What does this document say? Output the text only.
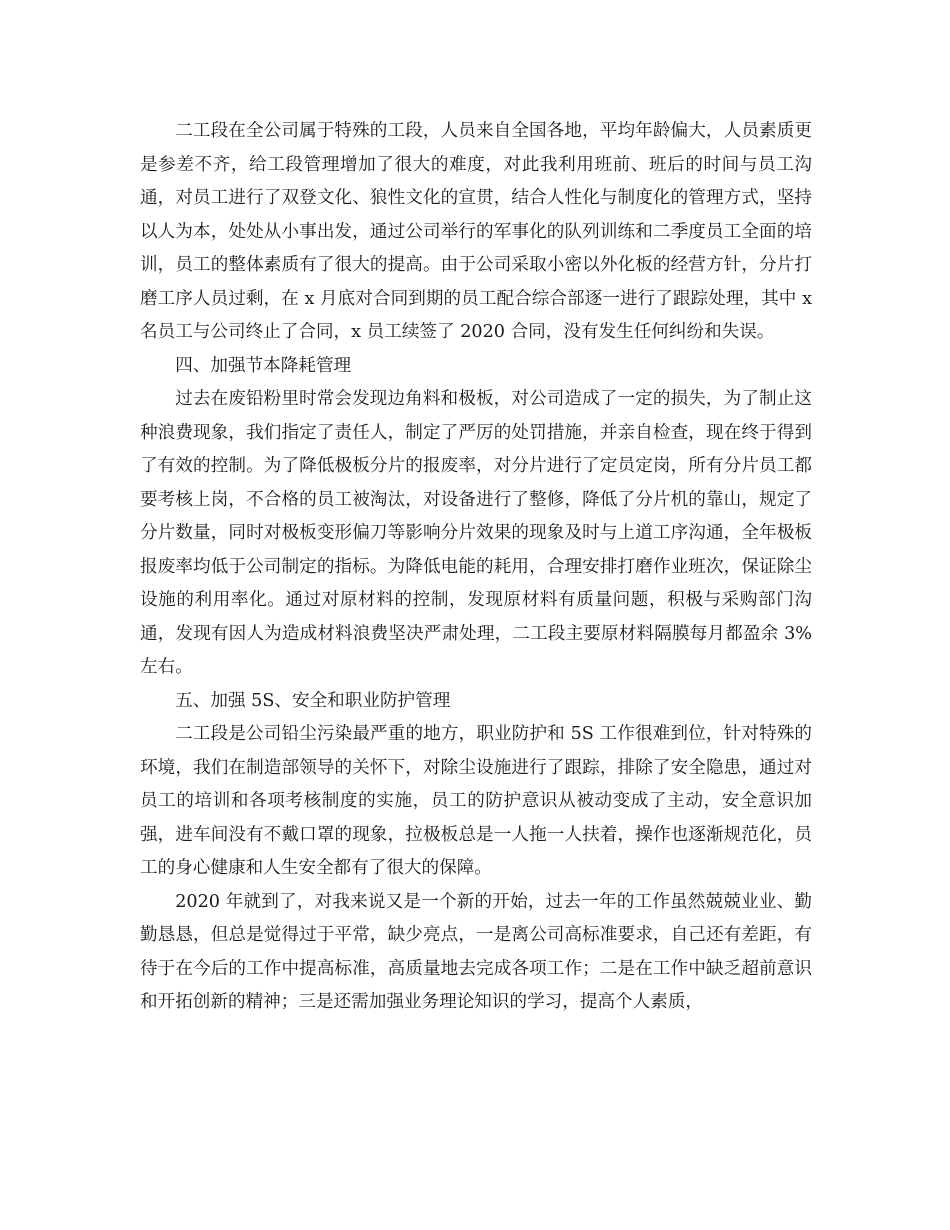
二工段在全公司属于特殊的工段，人员来自全国各地，平均年龄偏大，人员素质更是参差不齐，给工段管理增加了很大的难度，对此我利用班前、班后的时间与员工沟通，对员工进行了双登文化、狼性文化的宣贯，结合人性化与制度化的管理方式，坚持以人为本，处处从小事出发，通过公司举行的军事化的队列训练和二季度员工全面的培训，员工的整体素质有了很大的提高。由于公司采取小密以外化板的经营方针，分片打磨工序人员过剩，在 x 月底对合同到期的员工配合综合部逐一进行了跟踪处理，其中 x 名员工与公司终止了合同，x 员工续签了 2020 合同，没有发生任何纠纷和失误。

四、加强节本降耗管理

过去在废铅粉里时常会发现边角料和极板，对公司造成了一定的损失，为了制止这种浪费现象，我们指定了责任人，制定了严厉的处罚措施，并亲自检查，现在终于得到了有效的控制。为了降低极板分片的报废率，对分片进行了定员定岗，所有分片员工都要考核上岗，不合格的员工被淘汰，对设备进行了整修，降低了分片机的靠山，规定了分片数量，同时对极板变形偏刀等影响分片效果的现象及时与上道工序沟通，全年极板报废率均低于公司制定的指标。为降低电能的耗用，合理安排打磨作业班次，保证除尘设施的利用率化。通过对原材料的控制，发现原材料有质量问题，积极与采购部门沟通，发现有因人为造成材料浪费坚决严肃处理，二工段主要原材料隔膜每月都盈余 3%左右。

五、加强 5S、安全和职业防护管理

二工段是公司铅尘污染最严重的地方，职业防护和 5S 工作很难到位，针对特殊的环境，我们在制造部领导的关怀下，对除尘设施进行了跟踪，排除了安全隐患，通过对员工的培训和各项考核制度的实施，员工的防护意识从被动变成了主动，安全意识加强，进车间没有不戴口罩的现象，拉极板总是一人拖一人扶着，操作也逐渐规范化，员工的身心健康和人生安全都有了很大的保障。

2020 年就到了，对我来说又是一个新的开始，过去一年的工作虽然兢兢业业、勤勤恳恳，但总是觉得过于平常，缺少亮点，一是离公司高标准要求，自己还有差距，有待于在今后的工作中提高标准，高质量地去完成各项工作；二是在工作中缺乏超前意识和开拓创新的精神；三是还需加强业务理论知识的学习，提高个人素质，
